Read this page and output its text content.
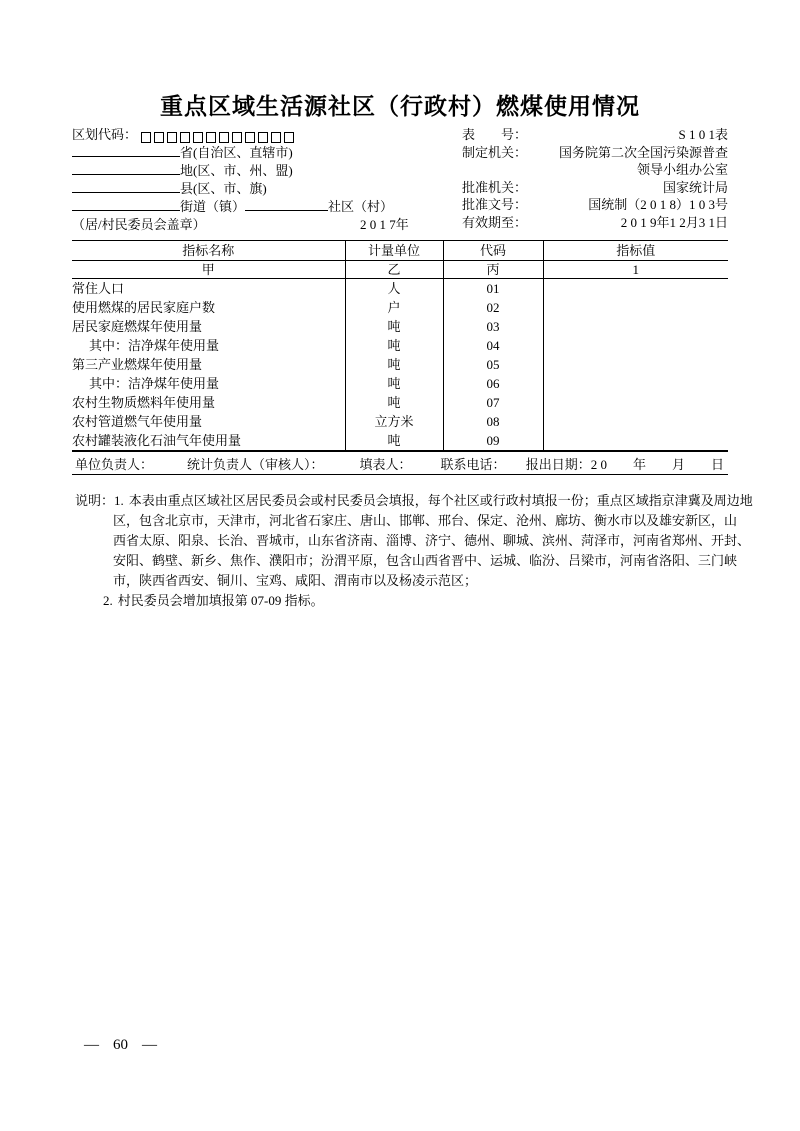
重点区域生活源社区（行政村）燃煤使用情况
区划代码：
省(自治区、直辖市)
地(区、市、州、盟)
县(区、市、旗)
街道（镇）	社区（村）
（居/村民委员会盖章）	2 0 1 7年
表　　号：	S 1 0 1表
制定机关：	国务院第二次全国污染源普查
领导小组办公室
批准机关：	国家统计局
批准文号：	国统制（2 0 1 8）1 0 3号
有效期至：	2 0 1 9年1 2月3 1日
指标名称	计量单位	代码	指标值
甲	乙	丙	1
常住人口	人	01	
使用燃煤的居民家庭户数	户	02	
居民家庭燃煤年使用量	吨	03	
其中：洁净煤年使用量	吨	04	
第三产业燃煤年使用量	吨	05	
其中：洁净煤年使用量	吨	06	
农村生物质燃料年使用量	吨	07	
农村管道燃气年使用量	立方米	08	
农村罐装液化石油气年使用量	吨	09	
单位负责人：	统计负责人（审核人）：	填表人： 联系电话： 报出日期：2 0　　年　　月　　日
说明： 1. 本表由重点区域社区居民委员会或村民委员会填报，每个社区或行政村填报一份；重点区域指京津冀及周边地
区，包含北京市，天津市，河北省石家庄、唐山、邯郸、邢台、保定、沧州、廊坊、衡水市以及雄安新区，山
西省太原、阳泉、长治、晋城市，山东省济南、淄博、济宁、德州、聊城、滨州、菏泽市，河南省郑州、开封、
安阳、鹤壁、新乡、焦作、濮阳市；汾渭平原，包含山西省晋中、运城、临汾、吕梁市，河南省洛阳、三门峡
市，陕西省西安、铜川、宝鸡、咸阳、渭南市以及杨凌示范区；
2. 村民委员会增加填报第 07-09 指标。
— 60 —
